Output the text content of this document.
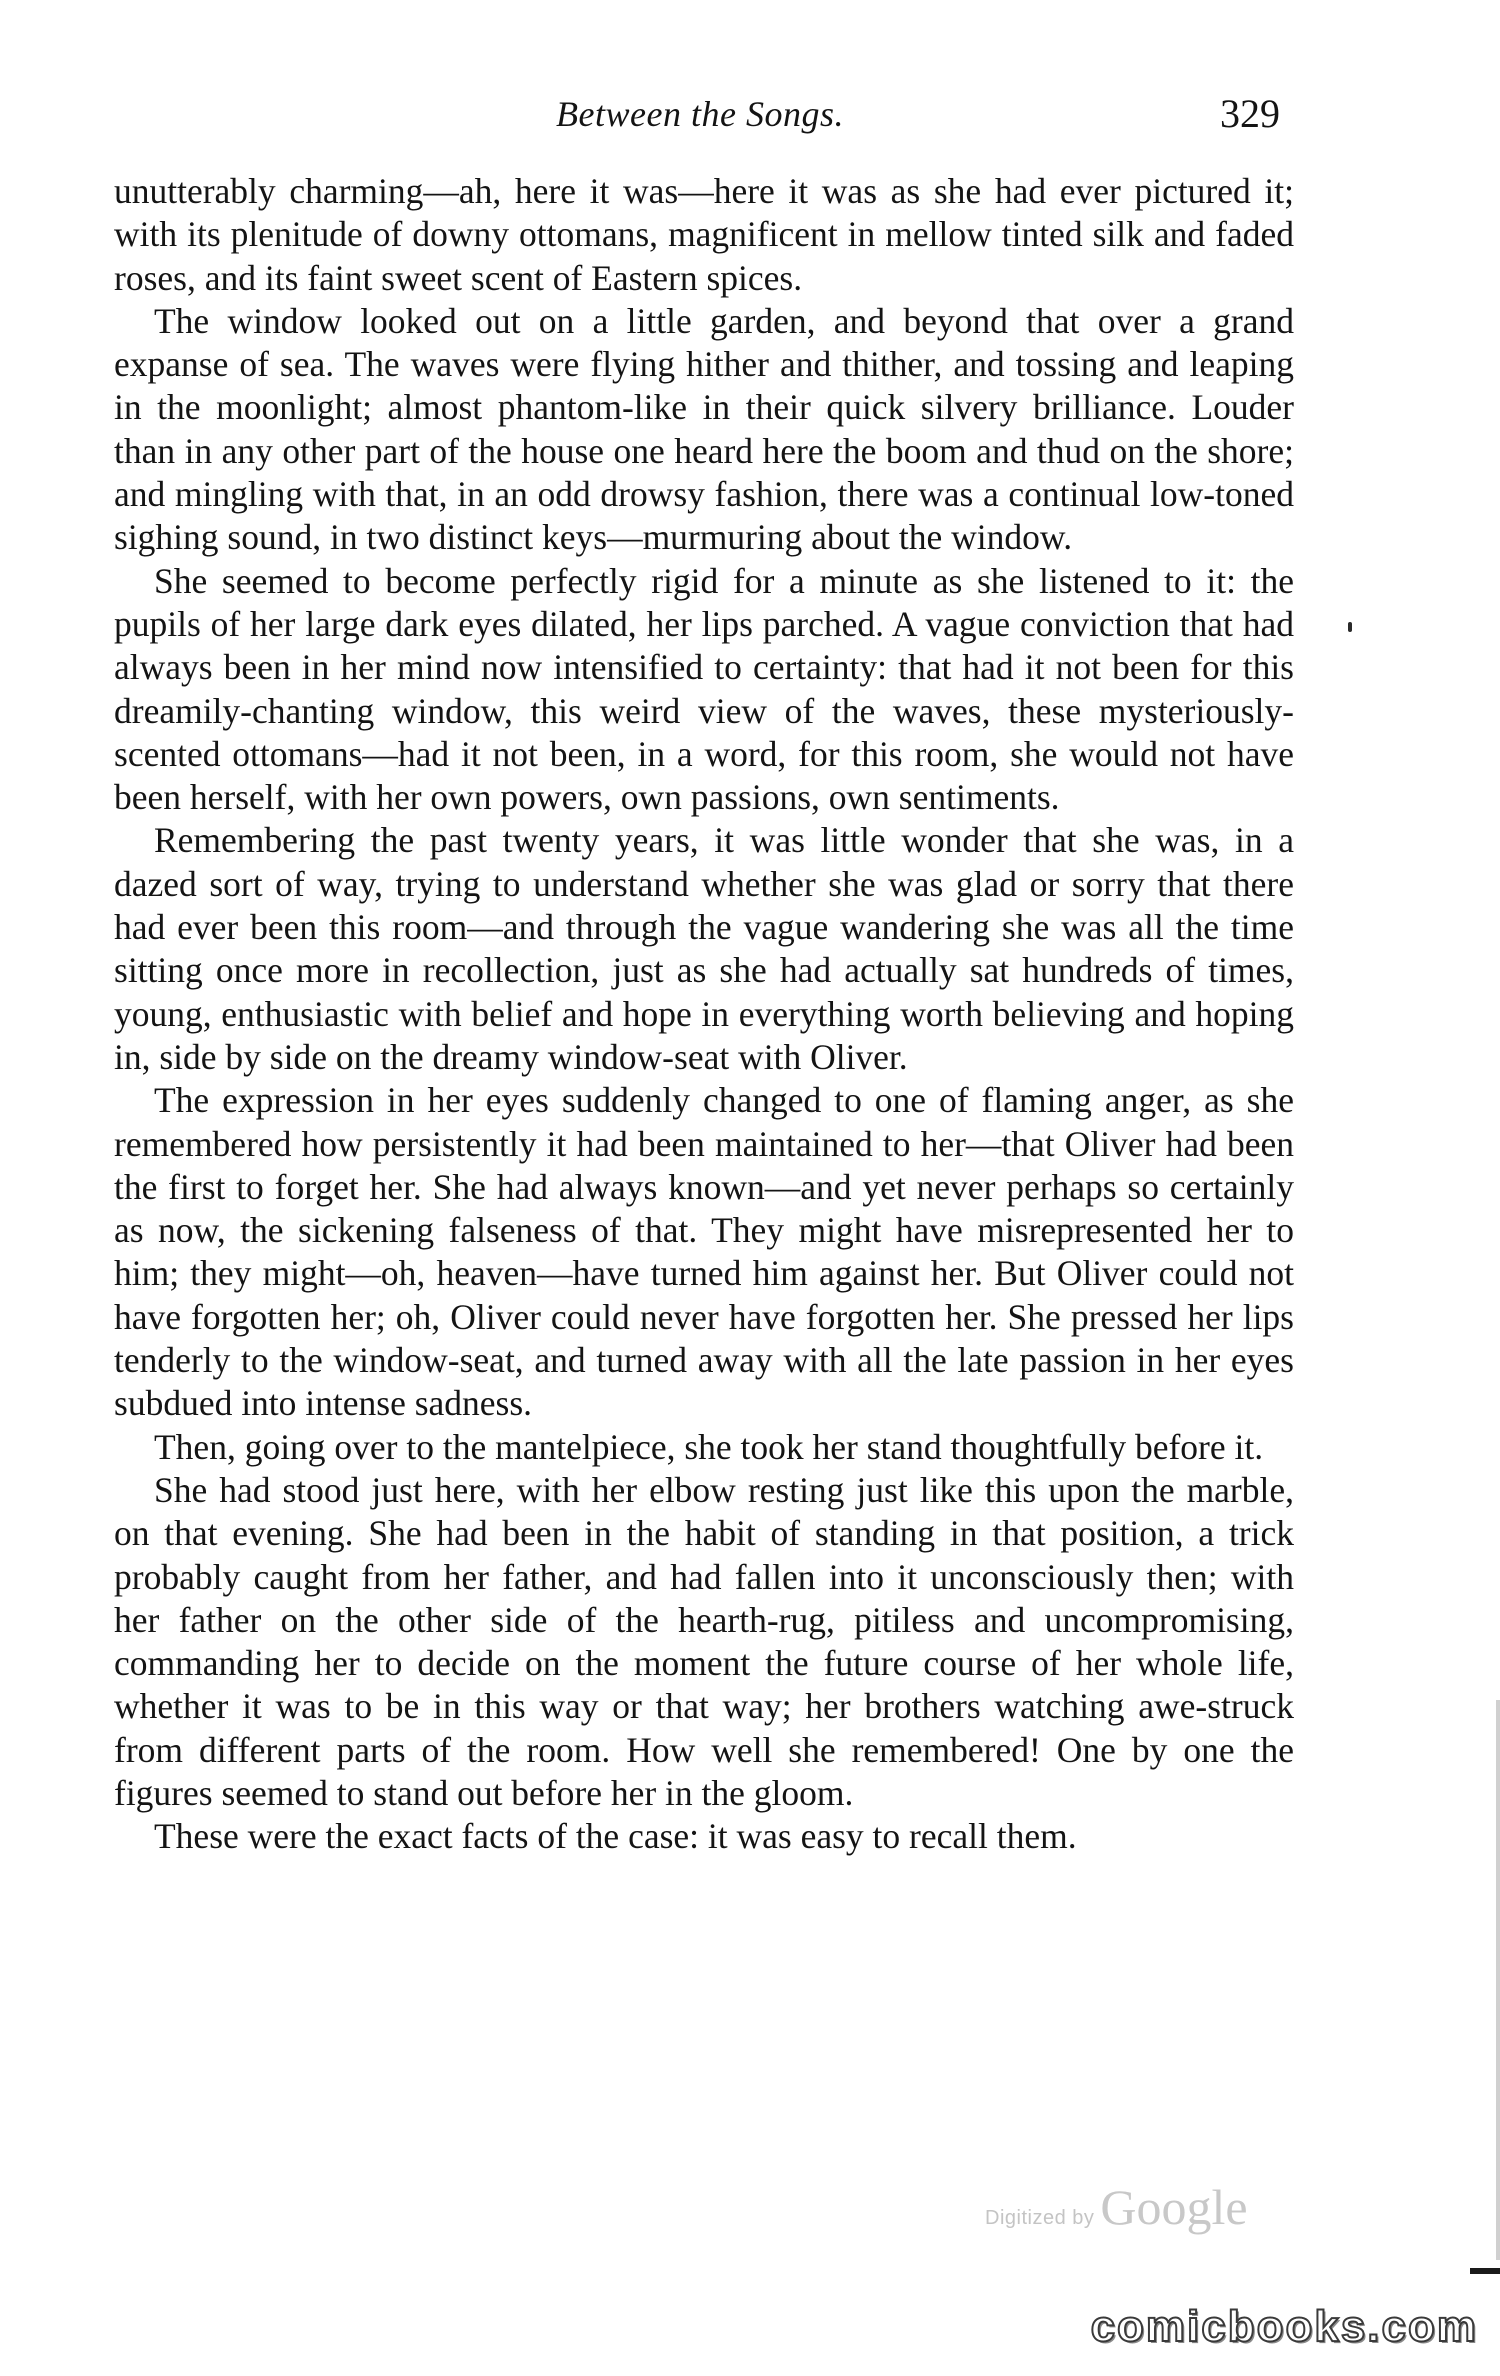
Between the Songs.	329

unutterably charming—ah, here it was—here it was as she had ever pictured it; with its plenitude of downy ottomans, magnificent in mellow tinted silk and faded roses, and its faint sweet scent of Eastern spices.

The window looked out on a little garden, and beyond that over a grand expanse of sea. The waves were flying hither and thither, and tossing and leaping in the moonlight; almost phantom-like in their quick silvery brilliance. Louder than in any other part of the house one heard here the boom and thud on the shore; and mingling with that, in an odd drowsy fashion, there was a continual low-toned sighing sound, in two distinct keys—murmuring about the window.

She seemed to become perfectly rigid for a minute as she listened to it: the pupils of her large dark eyes dilated, her lips parched. A vague conviction that had always been in her mind now intensified to certainty: that had it not been for this dreamily-chanting window, this weird view of the waves, these mysteriously-scented ottomans—had it not been, in a word, for this room, she would not have been herself, with her own powers, own passions, own sentiments.

Remembering the past twenty years, it was little wonder that she was, in a dazed sort of way, trying to understand whether she was glad or sorry that there had ever been this room—and through the vague wandering she was all the time sitting once more in recollection, just as she had actually sat hundreds of times, young, enthusiastic with belief and hope in everything worth believing and hoping in, side by side on the dreamy window-seat with Oliver.

The expression in her eyes suddenly changed to one of flaming anger, as she remembered how persistently it had been maintained to her—that Oliver had been the first to forget her. She had always known—and yet never perhaps so certainly as now, the sickening falseness of that. They might have misrepresented her to him; they might—oh, heaven—have turned him against her. But Oliver could not have forgotten her; oh, Oliver could never have forgotten her. She pressed her lips tenderly to the window-seat, and turned away with all the late passion in her eyes subdued into intense sadness.

Then, going over to the mantelpiece, she took her stand thoughtfully before it.

She had stood just here, with her elbow resting just like this upon the marble, on that evening. She had been in the habit of standing in that position, a trick probably caught from her father, and had fallen into it unconsciously then; with her father on the other side of the hearth-rug, pitiless and uncompromising, commanding her to decide on the moment the future course of her whole life, whether it was to be in this way or that way; her brothers watching awe-struck from different parts of the room. How well she remembered! One by one the figures seemed to stand out before her in the gloom.

These were the exact facts of the case: it was easy to recall them.

Digitized by Google
comicbooks.com
